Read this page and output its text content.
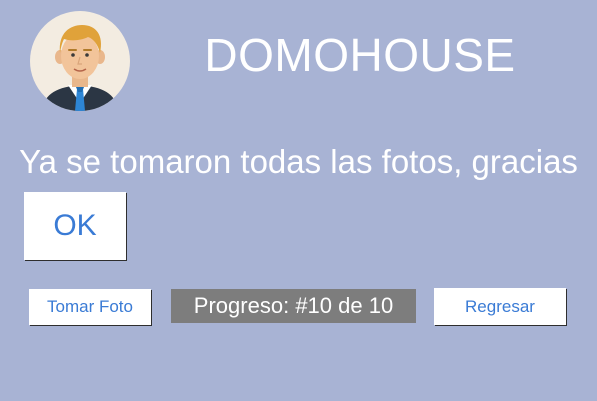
DOMOHOUSE
Ya se tomaron todas las fotos, gracias
OK
Tomar Foto	Progreso:
#10 de 10	Regresar
